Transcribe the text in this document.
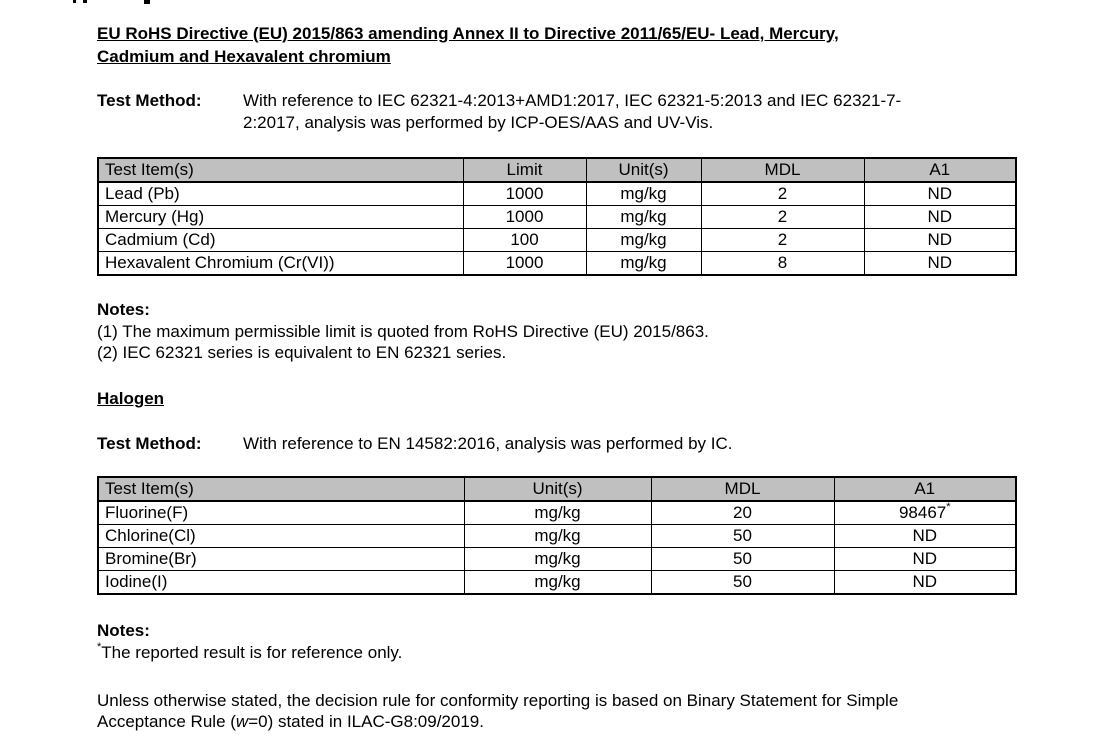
EU RoHS Directive (EU) 2015/863 amending Annex II to Directive 2011/65/EU- Lead, Mercury,
Cadmium and Hexavalent chromium
Test Method:	With reference to IEC 62321-4:2013+AMD1:2017, IEC 62321-5:2013 and IEC 62321-7-
2:2017, analysis was performed by ICP-OES/AAS and UV-Vis.
Test Item(s)	Limit	Unit(s)	MDL	A1
Lead (Pb)	1000	mg/kg	2	ND
Mercury (Hg)	1000	mg/kg	2	ND
Cadmium (Cd)	100	mg/kg	2	ND
Hexavalent Chromium (Cr(VI))	1000	mg/kg	8	ND
Notes:
(1) The maximum permissible limit is quoted from RoHS Directive (EU) 2015/863.
(2) IEC 62321 series is equivalent to EN 62321 series.
Halogen
Test Method:	With reference to EN 14582:2016, analysis was performed by IC.
Test Item(s)	Unit(s)	MDL	A1
Fluorine(F)	mg/kg	20	98467*
Chlorine(Cl)	mg/kg	50	ND
Bromine(Br)	mg/kg	50	ND
Iodine(I)	mg/kg	50	ND
Notes:
*The reported result is for reference only.
Unless otherwise stated, the decision rule for conformity reporting is based on Binary Statement for Simple
Acceptance Rule (w=0) stated in ILAC-G8:09/2019.
